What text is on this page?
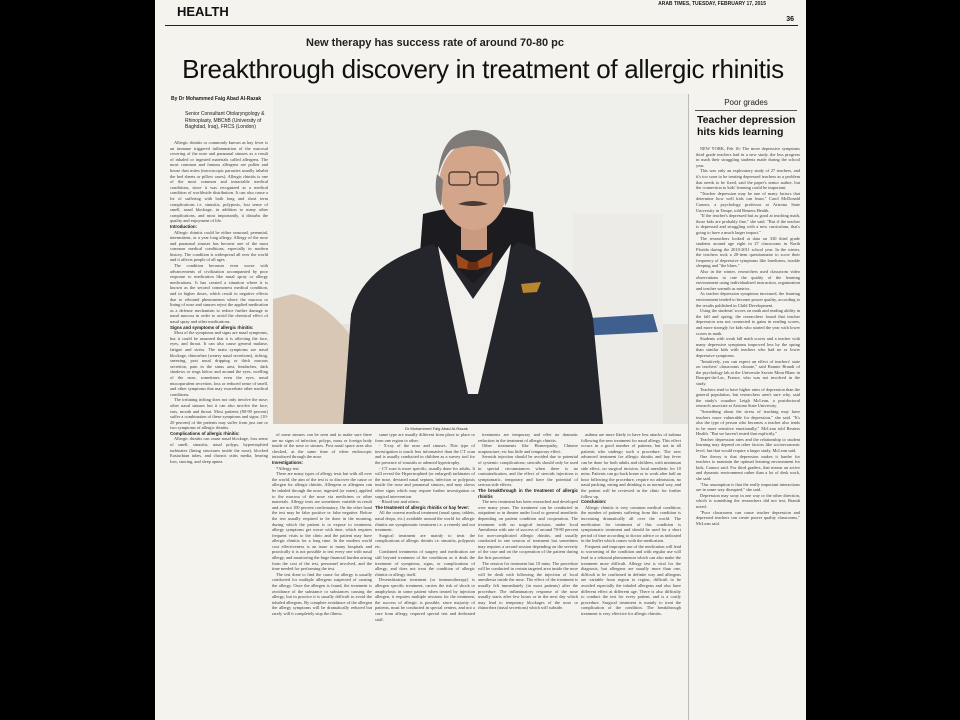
HEALTH	ARAB TIMES, TUESDAY, FEBRUARY 17, 2015
36
New therapy has success rate of around 70-80 pc
Breakthrough discovery in treatment of allergic rhinitis
By Dr Mohammed Faig Abad Al-Razak
Senior Consultant Otolaryngology & Rhinoplasty, MBChB (University of Baghdad, Iraq), FRCS (London)

Allergic rhinitis or commonly known as hay fever is an immune triggered inflammation of the mucosal covering of the nose and paranasal sinuses as a result of inhaled or ingested materials called allergens. The most common and famous allergens are pollen and house dust mites (microscopic parasites usually inhabit the bed sheets or pillow cases). Allergic rhinitis is one of the most common and intractable medical conditions, since it was recognized as a medical condition of worldwide distribution. It can also cause a lot of suffering with both long and short term complications i.e. sinusitis, polyposis, lost sense of smell, nasal blockage, in addition to many other complications, and most importantly, it disturbs the quality and enjoyment of life.

Introduction:

Allergic rhinitis could be either seasonal, perennial, intermittent, or a year long allergy. Allergy of the nose and paranasal sinuses has become one of the most common medical conditions, especially in modern history. The condition is widespread all over the world and it affects people of all ages.

The condition becomes even worse with advancements of civilization accompanied by poor response to medication like nasal spray or allergy medications. It has created a situation where it is known as the second commonest medical condition, and in higher doses, which result in negative effects due to rebound phenomenon where the mucosa or lining of nose and sinuses reject the applied medication as a defense mechanism to reduce further damage to nasal mucosa in order to avoid the chemical effect of nasal spray and other medications.

Signs and symptoms of allergic rhinitis:

Most of the symptoms and signs are nasal symptoms, but it could be assumed that it is affecting the face, eyes, and throat. It can also cause general malaise, fatigue and stress. The main symptoms are nasal blockage, rhinorrhea (watery nasal secretions), itching, sneezing, post nasal dripping or thick mucous secretion, pain in the sinus area, headaches, dark shadows or rings below and around the eyes, swelling of the nose, sometimes even the eyes, nasal mucopurulent secretion, loss or reduced sense of smell, and other symptoms that may exacerbate other medical conditions.

The irritating itching does not only involve the nose; other nasal sinuses but it can also involve the face, ears, mouth and throat. Most patients (80-90 percent) suffer a combination of these symptoms and signs. (10-20 percent) of the patients may suffer from just one or two symptoms of allergic rhinitis.

Complications of allergic rhinitis:

Allergic rhinitis can cause nasal blockage, loss sense of smell, sinusitis, nasal polyps, hypertrophied turbinates (lining structures inside the nose), blocked Eustachian tubes, and chronic otitis media, hearing loss, snoring, and sleep apnea.

Dr Mohammed Faig Abad Al-Razak

of some sinuses can be seen and to make sure there are no signs of infection, polyps, mass or foreign body inside of the nose or sinuses. Post nasal space area also checked, at the same time of when endoscopic introduced through the nose.

Investigations:

*Allergy test

There are many types of allergy tests but with all over the world, the aim of the test is to discover the cause or allergen for allergic rhinitis. Allergens or allergens can be inhaled through the nose, ingested (or eaten), applied to the mucosa of the nose via medicines or other materials. Allergy tests are sometimes variable in result and are not 100 percent confirmatory. On the other hand the test may be false positive or false negative. Before the test usually required to be done in the morning, during which the patient is to expose to treatment, allergy symptoms get worse with time, which requires frequent visits to the clinic and the patient may have allergic rhinitis for a long time. In the modern world cost effectiveness is an issue to many hospitals and practically it is not possible to test every one with nasal allergy, and monitoring the huge financial burden arising from the cost of the test, personnel involved, and the time needed for performing the test.

The test done to find the cause for allergy is usually conducted for multiple allergens suspected of causing the allergy. Once the allergen is found, the treatment is avoidance of the substance or substances causing the allergy, but in practice it is usually difficult to avoid the inhaled allergens. By complete avoidance of the allergen the allergy symptoms will be dramatically reduced but rarely will it completely stop the illness.

same type are usually different from place to place or from one region to other.

- X-ray of the nose and sinuses. This type of investigation is much less informative than the CT scan and is usually conducted in children as a survey tool for the presence of sinusitis or adenoid hypertrophy.

- CT scan is more specific, usually done for adults. It will reveal the Hypertrophied (or enlarged) turbinates of the nose, deviated nasal septum, infection or polyposis inside the nose and paranasal sinuses, and may shows other signs which may require further investigation or surgical intervention.

- Blood test and others.

The treatment of allergic rhinitis or hay fever:

All the current medical treatment (nasal spray, tablets, nasal drops, etc.) available around the world for allergic rhinitis are symptomatic treatment i.e. a remedy and not treatment.

Surgical treatment are mainly to treat the complications of allergic rhinitis i.e. sinusitis, polyposis etc.

Combined treatments of surgery and medication are still beyond treatment of the conditions as it deals the treatment of symptoms, signs, or complications of allergy, and does not treat the condition of allergic rhinitis or allergy itself.

Desensitization treatment (or immunotherapy) is allergen specific treatment, carries the risk of shock or anaphylaxis in some patient when treated by injection allergen, it requires multiple sessions for the treatment, the success of allergic is possible, since majority of patients, must be conducted in special centers, and not a cure from allergy, required special test and dedicated staff.

treatments are temporary and offer no dramatic reduction in the treatment of allergic rhinitis.

Other treatments like Homeopathy, Chinese acupuncture, etc has little and temporary effect.

Steroids injection should be avoided due to potential of systemic complications; steroids should only be used in special circumstances when there is no contraindication, and the effect of steroids injections is symptomatic, temporary and have the potential of serious side effects.

The breakthrough in the treatment of allergic rhinitis

The new treatment has been researched and developed over many years. The treatment can be conducted in outpatient or in theater under local or general anesthetic depending on patient condition and cooperation. The treatment with no surgical incision, under local Anesthesia with rate of success of around 70-80 percent for non-complicated allergic rhinitis, and usually conducted in one session of treatment but sometimes may requires a second session depending on the severity of the case and on the cooperation of the patient during the first procedure.

The session for treatment last 10 mins. The procedure will be conducted in certain targeted area inside the nose will be dealt with following the injection of local anesthesia inside the nose. The effect of the treatment is usually felt immediately (in most patients) after the procedure. The inflammatory response of the nose usually starts after few hours or in the next day which may lead to temporary blockages of the nose or rhinorrhea (nasal secretions) which will subside.

asthma are more likely to have less attacks of asthma following the new treatment for nasal allergy. This effect occurs in a good number of patients, but not in all patients who undergo such a procedure. The new advanced treatment for allergic rhinitis and hay fever can be done for both adults and children, with minimum side effect, no surgical incision, local anesthetic for 10 mins. Patients can go back home or to work after half an hour following the procedure, require no admission, no nasal packing, eating and drinking is as normal way, and the patient will be reviewed in the clinic for further follow up.

Conclusion:

Allergic rhinitis is very common medical condition; the number of patients suffering from this condition is increasing dramatically all over the world. The medication for treatment of this condition is symptomatic treatment and should be used for a short period of time according to doctor advice or as indicated in the leaflet which comes with the medication.

Frequent and improper use of the medication will lead to worsening of the condition and with regular use will lead to a rebound phenomenon which can also make the treatment more difficult. Allergy test is vital for the diagnosis, but allergens are usually more than one, difficult to be confirmed in definite way and allergens are variable from region to region, difficult to be avoided especially the inhaled allergens and also have different effect at different age. There is also difficulty to conduct the test for every patient, and is a costly procedure. Surgical treatment is mainly to treat the complication of the condition. The breakthrough treatment is very effective for allergic rhinitis.

Poor grades
Teacher depression hits kids learning

NEW YORK, Feb 16: The more depressive symptoms third grade teachers had in a new study, the less progress in math their struggling students made during the school year.

This was only an exploratory study of 27 teachers, and it's too soon to be treating depressed teachers as a problem that needs to be fixed, said the paper's senior author, but the connection to kids' learning could be important.

"Teacher depression may be one of many factors that determine how well kids can learn," Carol McDonald Connor, a psychology professor at Arizona State University in Tempe, told Reuters Health.

"If the teacher's depressed but as good at teaching math, those kids are probably fine," she said. "But if the teacher is depressed and struggling with a new curriculum, that's going to have a much larger impact."

The researchers looked at data on 330 third grade students around age eight in 27 classrooms in North Florida during the 2010-2011 school year. In the winter, the teachers took a 20-item questionnaire to score their frequency of depressive symptoms like loneliness, trouble sleeping and "the blues."

Also in the winter, researchers used classroom video observations to rate the quality of the learning environment using individualized instruction, organization and teacher warmth as metrics.

As teacher depression symptoms increased, the learning environment tended to become poorer quality, according to the results published in Child Development.

Using the students' scores on math and reading ability in the fall and spring, the researchers found that teacher depression was not connected to gains in reading scores, and more strongly for kids who started the year with lower scores in math.

Students with weak fall math scores and a teacher with many depressive symptoms improved less by the spring than similar kids with teachers who had no or lower depressive symptoms.

"Intuitively, you can expect an effect of teachers' state on teachers' classrooms climate," said Bonnie Brandt of the psychology lab at the Universite Savoie Mont Blanc in Bourget-du-Lac, France, who was not involved in the study.

Teachers tend to have higher rates of depression than the general population, but researchers aren't sure why, said the study's coauthor Leigh McLean, a postdoctoral research associate at Arizona State University.

"Something about the stress of teaching may have teachers more vulnerable for depression," she said. "It's also the type of person who becomes a teacher also tends to be more sensitive emotionally," McLean told Reuters Health. "But we haven't tested that explicitly."

Teacher depression rates and the relationship to student learning may depend on other factors like socioeconomic level, but that would require a larger study, McLean said.

One theory is that depression makes it harder for teachers to maintain the optimal learning environment for kids, Connor said. For third graders, that means an active and dynamic environment rather than a lot of desk work, she said.

"Our assumption is that the really important interactions are in some way disrupted," she said.

Depression may sway in one way or the other direction, which is something the researchers did not test, Brandt noted.

"Poor classrooms can cause teacher depression and depressed teachers can create poorer quality classrooms," McLean said.
